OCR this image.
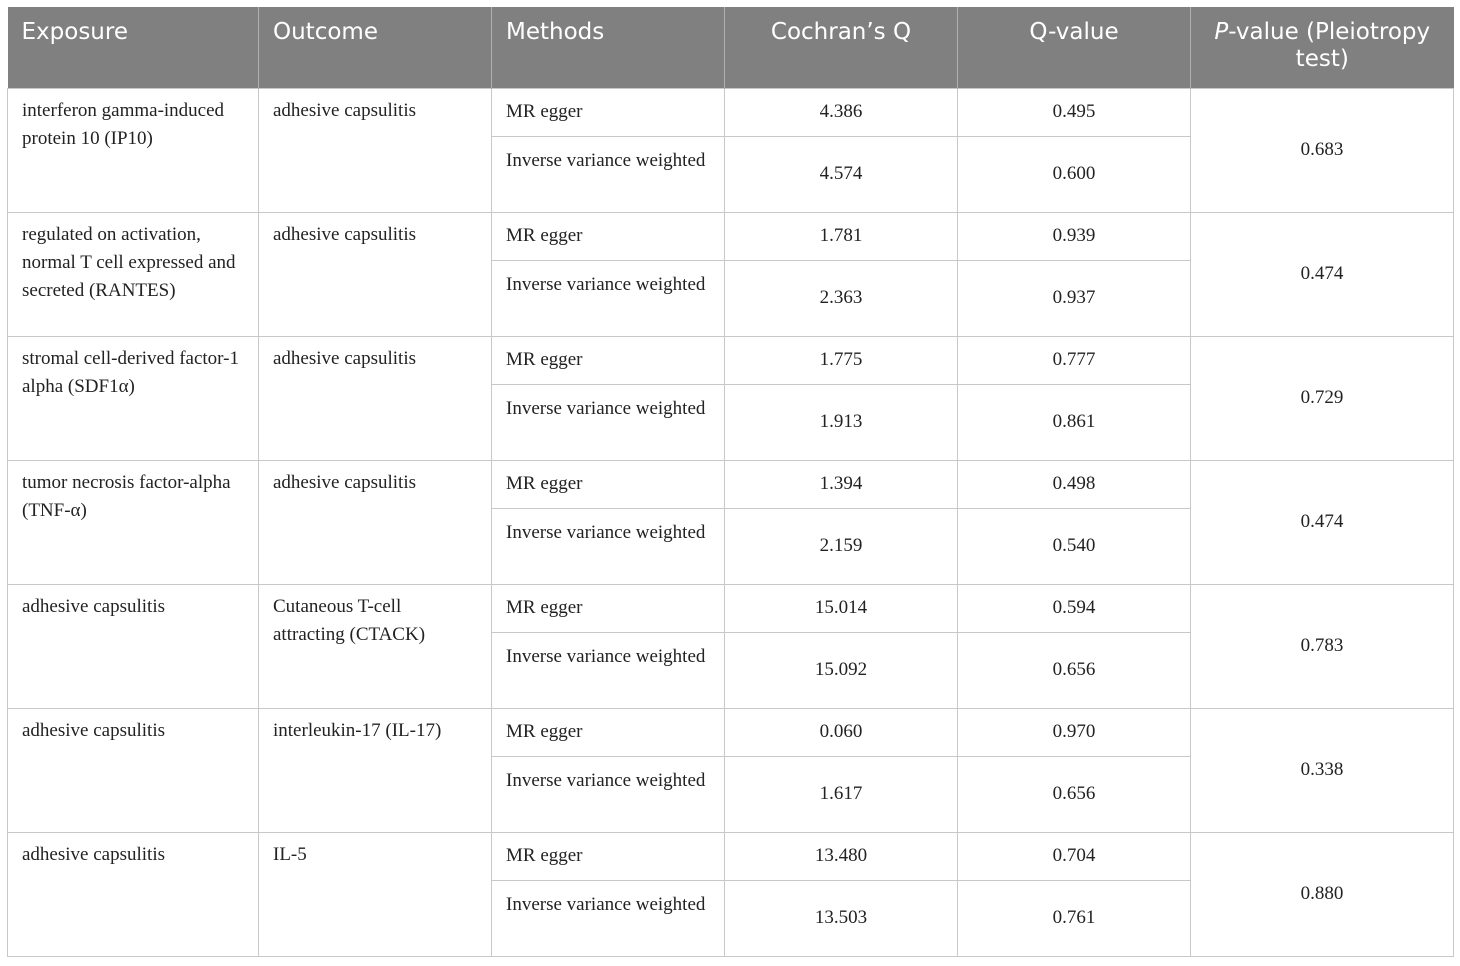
Exposure	Outcome	Methods	Cochran’s Q	Q-value	P-value (Pleiotropy test)
interferon gamma-induced protein 10 (IP10)	adhesive capsulitis	MR egger	4.386	0.495	0.683
		Inverse variance weighted	4.574	0.600	
regulated on activation, normal T cell expressed and secreted (RANTES)	adhesive capsulitis	MR egger	1.781	0.939	0.474
		Inverse variance weighted	2.363	0.937	
stromal cell-derived factor-1 alpha (SDF1α)	adhesive capsulitis	MR egger	1.775	0.777	0.729
		Inverse variance weighted	1.913	0.861	
tumor necrosis factor-alpha (TNF-α)	adhesive capsulitis	MR egger	1.394	0.498	0.474
		Inverse variance weighted	2.159	0.540	
adhesive capsulitis	Cutaneous T-cell attracting (CTACK)	MR egger	15.014	0.594	0.783
		Inverse variance weighted	15.092	0.656	
adhesive capsulitis	interleukin-17 (IL-17)	MR egger	0.060	0.970	0.338
		Inverse variance weighted	1.617	0.656	
adhesive capsulitis	IL-5	MR egger	13.480	0.704	0.880
		Inverse variance weighted	13.503	0.761	
